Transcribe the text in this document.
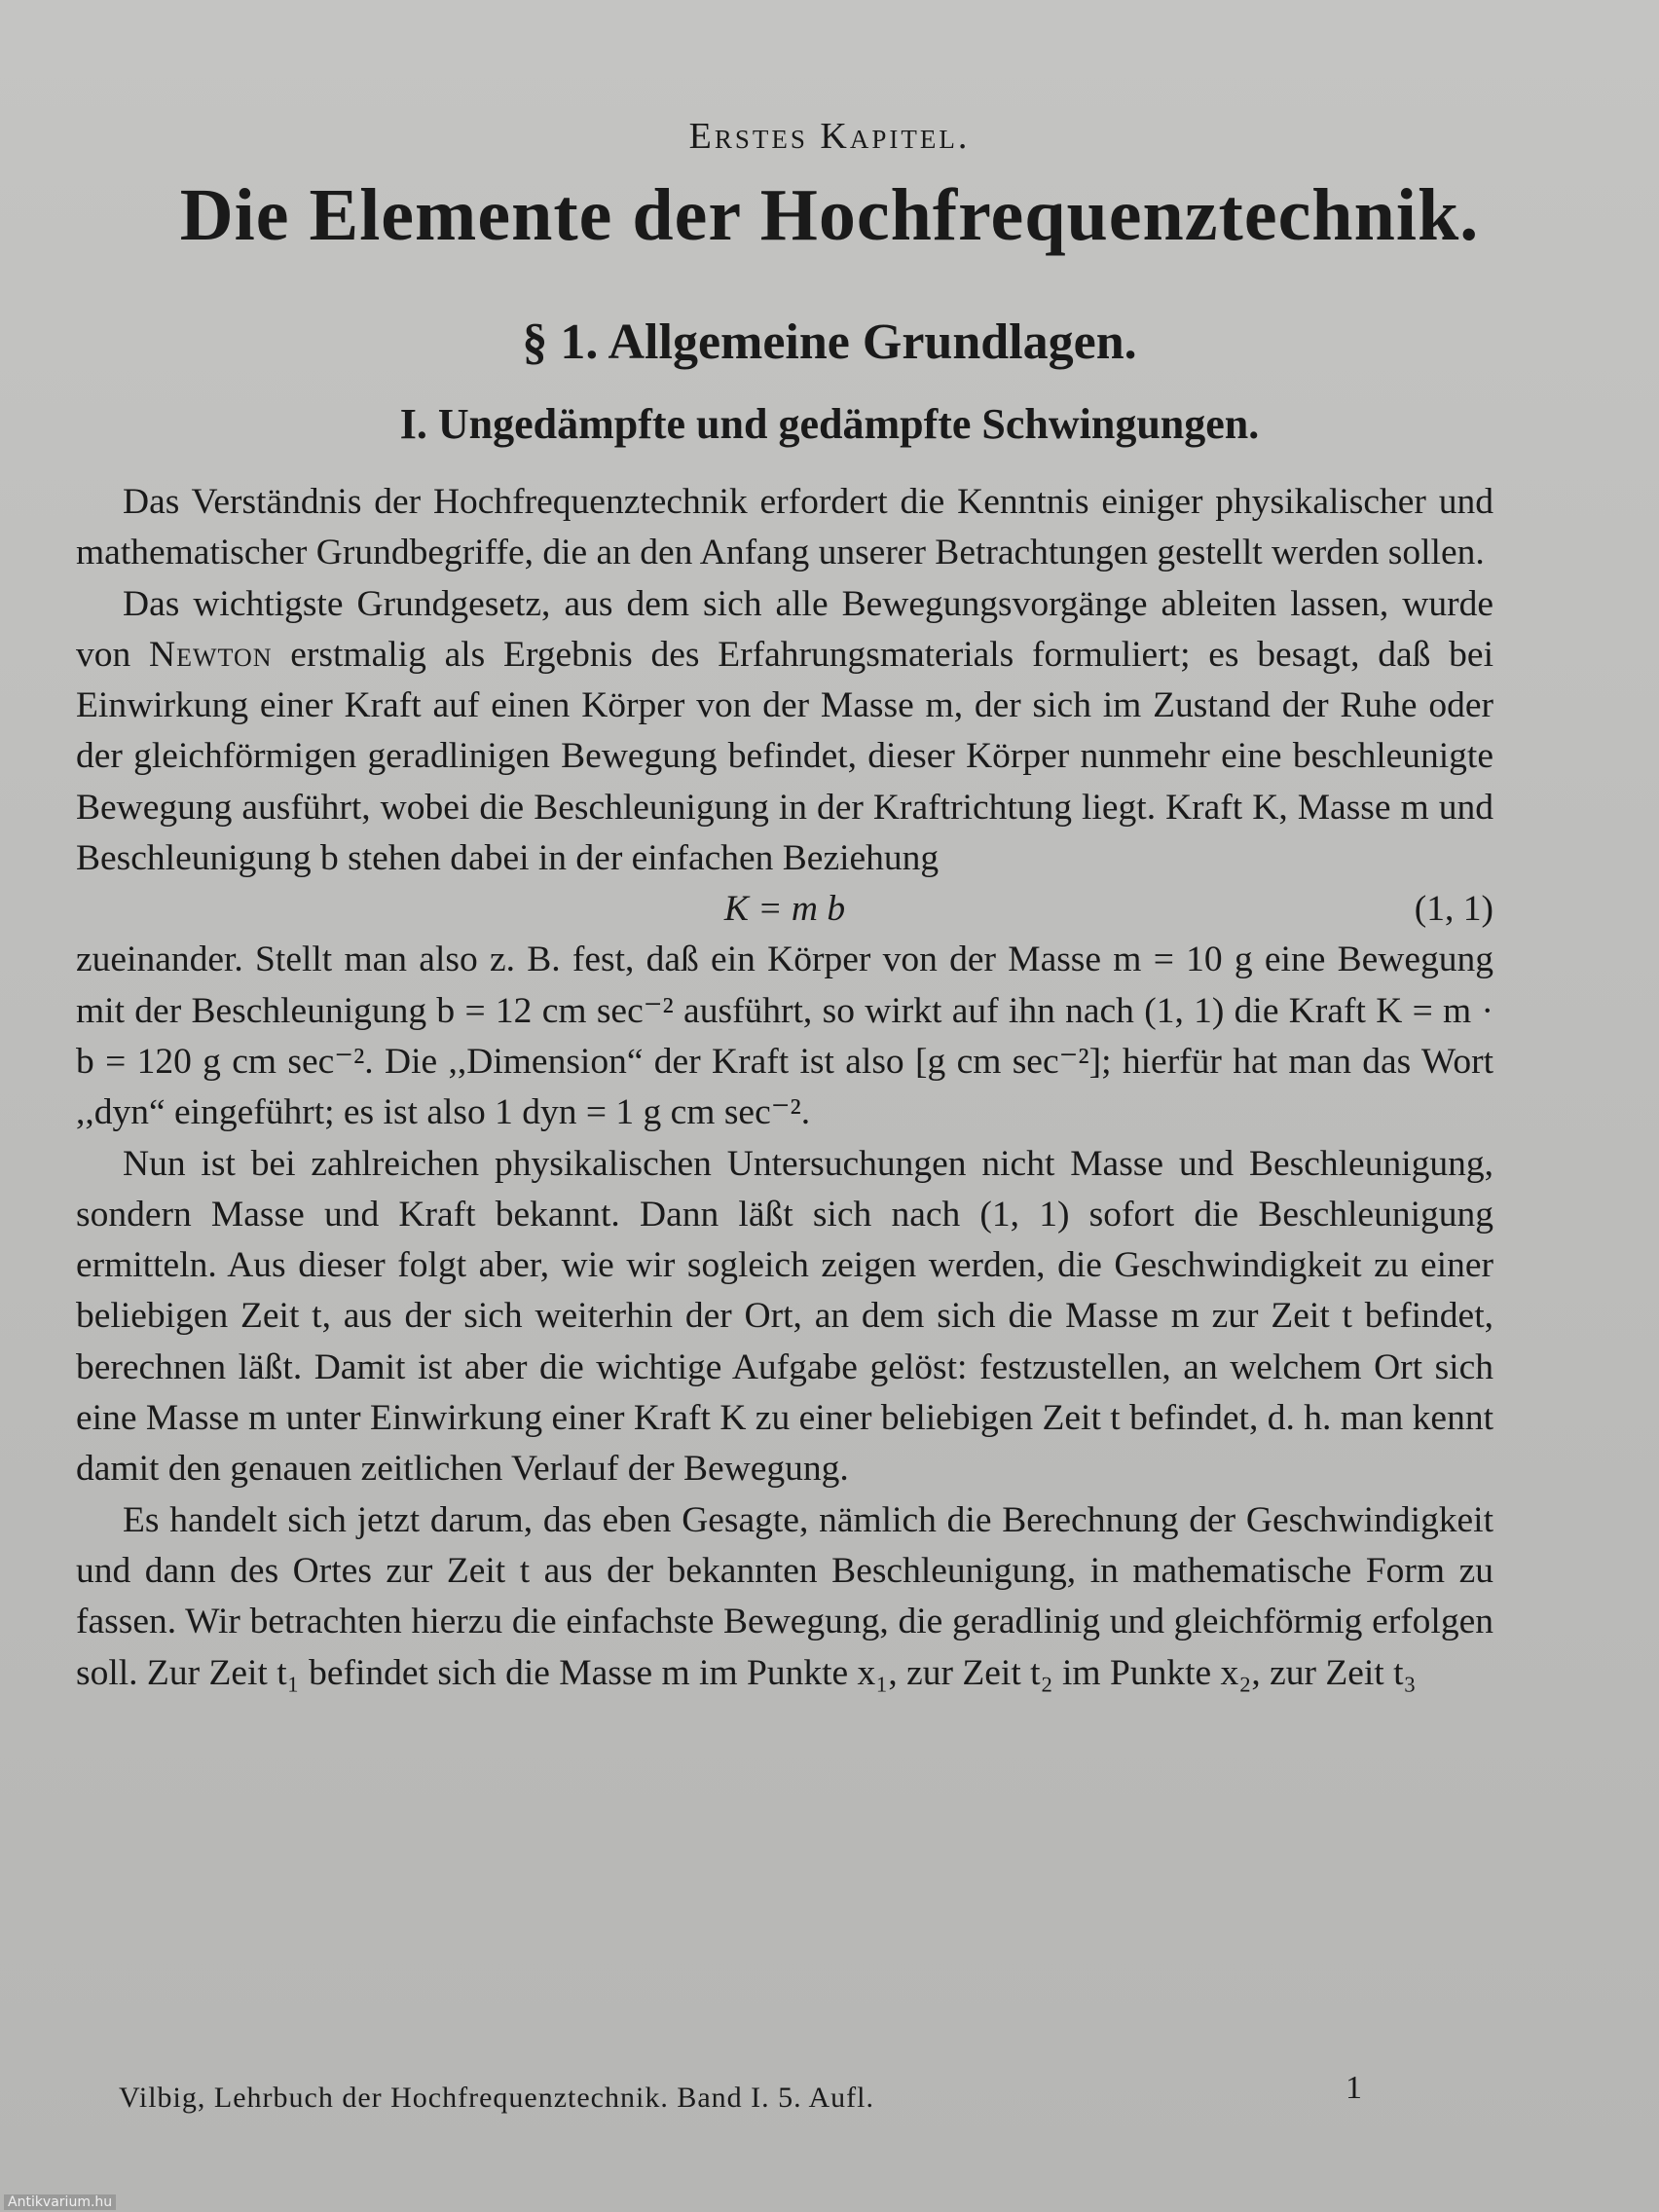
Erstes Kapitel.
Die Elemente der Hochfrequenztechnik.
§ 1. Allgemeine Grundlagen.
I. Ungedämpfte und gedämpfte Schwingungen.

Das Verständnis der Hochfrequenztechnik erfordert die Kenntnis einiger physikalischer und mathematischer Grundbegriffe, die an den Anfang unserer Betrachtungen gestellt werden sollen.

Das wichtigste Grundgesetz, aus dem sich alle Bewegungsvorgänge ableiten lassen, wurde von Newton erstmalig als Ergebnis des Erfahrungsmaterials formuliert; es besagt, daß bei Einwirkung einer Kraft auf einen Körper von der Masse m, der sich im Zustand der Ruhe oder der gleichförmigen geradlinigen Bewegung befindet, dieser Körper nunmehr eine beschleunigte Bewegung ausführt, wobei die Beschleunigung in der Kraftrichtung liegt. Kraft K, Masse m und Beschleunigung b stehen dabei in der einfachen Beziehung

K = m b	(1, 1)

zueinander. Stellt man also z. B. fest, daß ein Körper von der Masse m = 10 g eine Bewegung mit der Beschleunigung b = 12 cm sec⁻² ausführt, so wirkt auf ihn nach (1, 1) die Kraft K = m · b = 120 g cm sec⁻². Die ,,Dimension“ der Kraft ist also [g cm sec⁻²]; hierfür hat man das Wort ,,dyn“ eingeführt; es ist also 1 dyn = 1 g cm sec⁻².

Nun ist bei zahlreichen physikalischen Untersuchungen nicht Masse und Beschleunigung, sondern Masse und Kraft bekannt. Dann läßt sich nach (1, 1) sofort die Beschleunigung ermitteln. Aus dieser folgt aber, wie wir sogleich zeigen werden, die Geschwindigkeit zu einer beliebigen Zeit t, aus der sich weiterhin der Ort, an dem sich die Masse m zur Zeit t befindet, berechnen läßt. Damit ist aber die wichtige Aufgabe gelöst: festzustellen, an welchem Ort sich eine Masse m unter Einwirkung einer Kraft K zu einer beliebigen Zeit t befindet, d. h. man kennt damit den genauen zeitlichen Verlauf der Bewegung.

Es handelt sich jetzt darum, das eben Gesagte, nämlich die Berechnung der Geschwindigkeit und dann des Ortes zur Zeit t aus der bekannten Beschleunigung, in mathematische Form zu fassen. Wir betrachten hierzu die einfachste Bewegung, die geradlinig und gleichförmig erfolgen soll. Zur Zeit t₁ befindet sich die Masse m im Punkte x₁, zur Zeit t₂ im Punkte x₂, zur Zeit t₃

Vilbig, Lehrbuch der Hochfrequenztechnik. Band I. 5. Aufl.	1
Antikvarium.hu
